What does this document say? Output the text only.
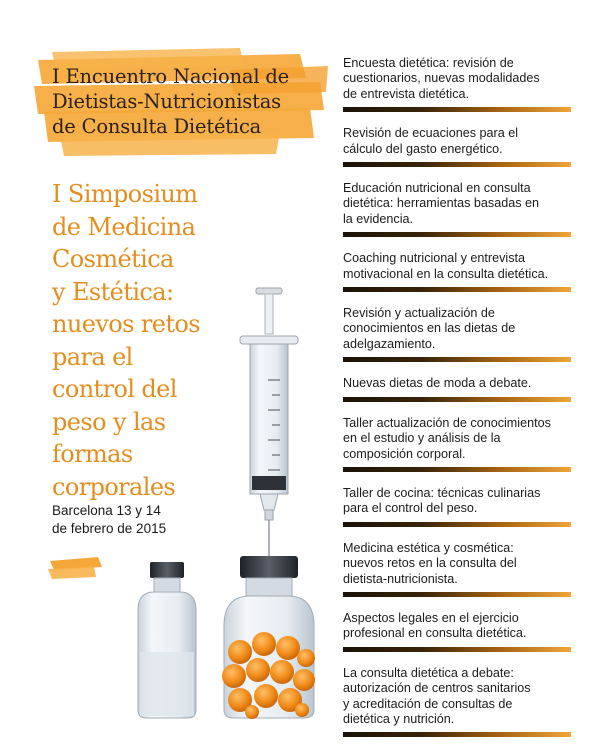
I Encuentro Nacional de
Dietistas-Nutricionistas
de Consulta Dietética
I Simposium
de Medicina
Cosmética
y Estética:
nuevos retos
para el
control del
peso y las
formas
corporales
Barcelona 13 y 14
de febrero de 2015
Encuesta dietética: revisión de
cuestionarios, nuevas modalidades
de entrevista dietética.
Revisión de ecuaciones para el
cálculo del gasto energético.
Educación nutricional en consulta
dietética: herramientas basadas en
la evidencia.
Coaching nutricional y entrevista
motivacional en la consulta dietética.
Revisión y actualización de
conocimientos en las dietas de
adelgazamiento.
Nuevas dietas de moda a debate.
Taller actualización de conocimientos
en el estudio y análisis de la
composición corporal.
Taller de cocina: técnicas culinarias
para el control del peso.
Medicina estética y cosmética:
nuevos retos en la consulta del
dietista-nutricionista.
Aspectos legales en el ejercicio
profesional en consulta dietética.
La consulta dietética a debate:
autorización de centros sanitarios
y acreditación de consultas de
dietética y nutrición.
